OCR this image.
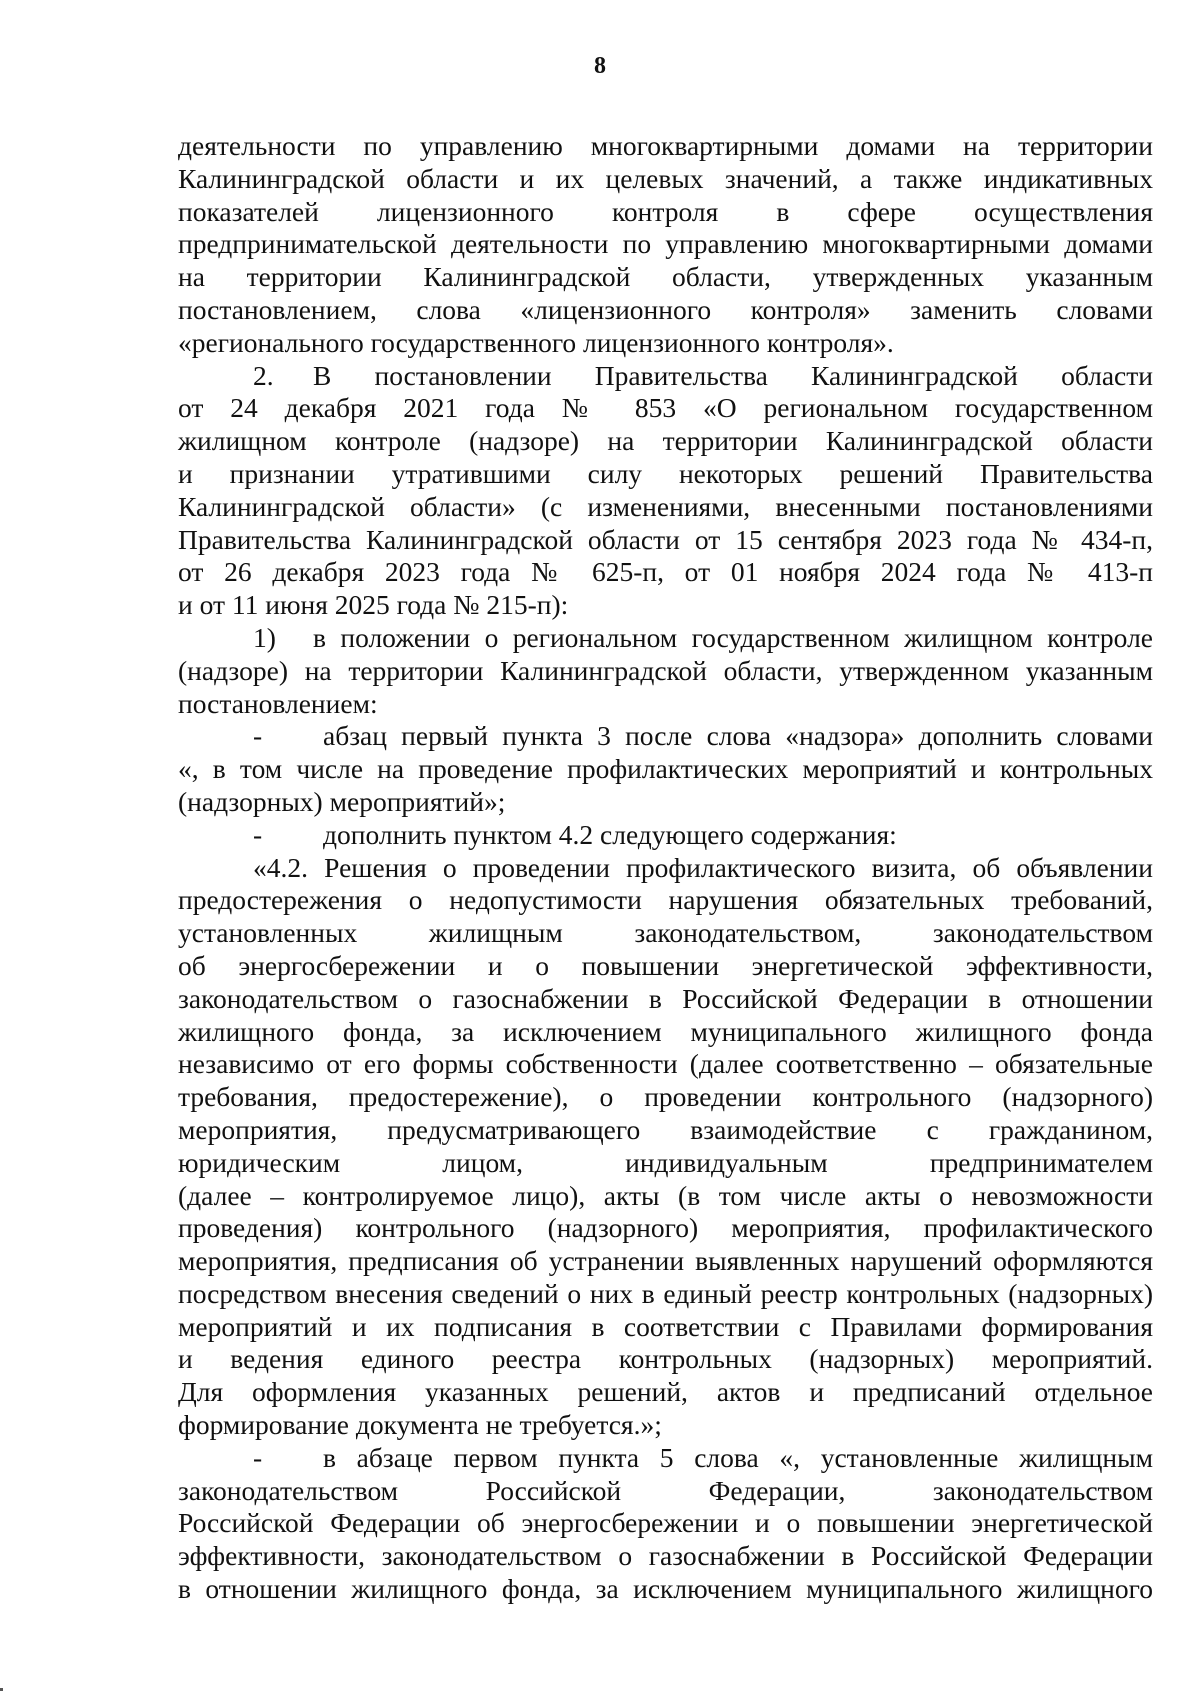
8
деятельности по управлению многоквартирными домами на территории
Калининградской области и их целевых значений, а также индикативных
показателей лицензионного контроля в сфере осуществления
предпринимательской деятельности по управлению многоквартирными домами
на территории Калининградской области, утвержденных указанным
постановлением, слова «лицензионного контроля» заменить словами
«регионального государственного лицензионного контроля».
2. В постановлении Правительства Калининградской области
от 24 декабря 2021 года № 853 «О региональном государственном
жилищном контроле (надзоре) на территории Калининградской области
и признании утратившими силу некоторых решений Правительства
Калининградской области» (с изменениями, внесенными постановлениями
Правительства Калининградской области от 15 сентября 2023 года № 434-п,
от 26 декабря 2023 года № 625-п, от 01 ноября 2024 года № 413-п
и от 11 июня 2025 года № 215-п):
1) в положении о региональном государственном жилищном контроле
(надзоре) на территории Калининградской области, утвержденном указанным
постановлением:
- абзац первый пункта 3 после слова «надзора» дополнить словами
«, в том числе на проведение профилактических мероприятий и контрольных
(надзорных) мероприятий»;
- дополнить пунктом 4.2 следующего содержания:
«4.2. Решения о проведении профилактического визита, об объявлении
предостережения о недопустимости нарушения обязательных требований,
установленных жилищным законодательством, законодательством
об энергосбережении и о повышении энергетической эффективности,
законодательством о газоснабжении в Российской Федерации в отношении
жилищного фонда, за исключением муниципального жилищного фонда
независимо от его формы собственности (далее соответственно – обязательные
требования, предостережение), о проведении контрольного (надзорного)
мероприятия, предусматривающего взаимодействие с гражданином,
юридическим лицом, индивидуальным предпринимателем
(далее – контролируемое лицо), акты (в том числе акты о невозможности
проведения) контрольного (надзорного) мероприятия, профилактического
мероприятия, предписания об устранении выявленных нарушений оформляются
посредством внесения сведений о них в единый реестр контрольных (надзорных)
мероприятий и их подписания в соответствии с Правилами формирования
и ведения единого реестра контрольных (надзорных) мероприятий.
Для оформления указанных решений, актов и предписаний отдельное
формирование документа не требуется.»;
- в абзаце первом пункта 5 слова «, установленные жилищным
законодательством Российской Федерации, законодательством
Российской Федерации об энергосбережении и о повышении энергетической
эффективности, законодательством о газоснабжении в Российской Федерации
в отношении жилищного фонда, за исключением муниципального жилищного
